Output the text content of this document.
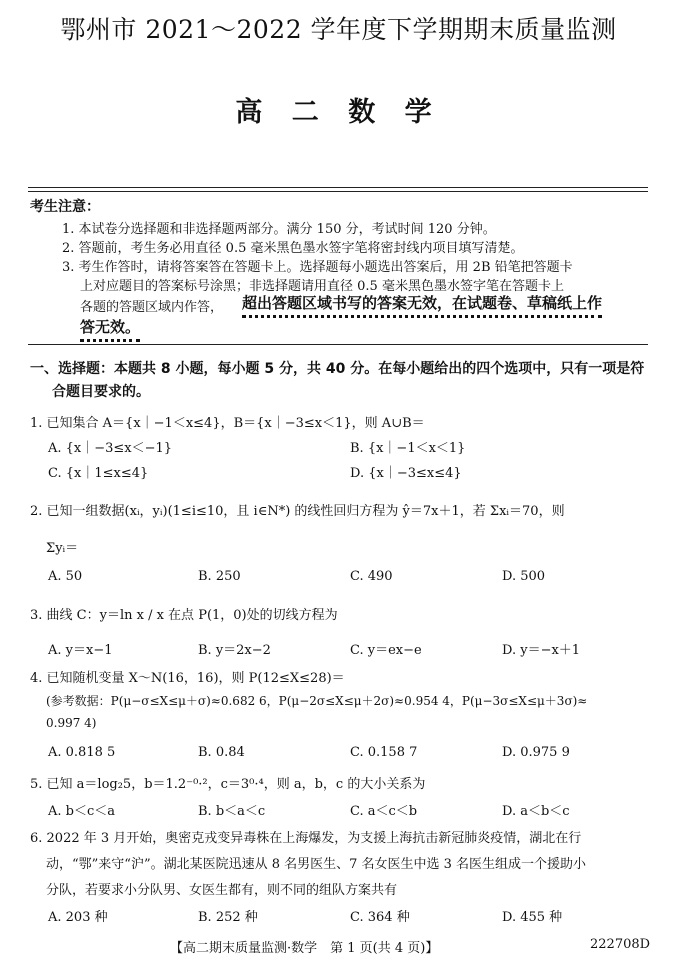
鄂州市 2021～2022 学年度下学期期末质量监测
高 二 数 学
考生注意：
1. 本试卷分选择题和非选择题两部分。满分 150 分，考试时间 120 分钟。
2. 答题前，考生务必用直径 0.5 毫米黑色墨水签字笔将密封线内项目填写清楚。
3. 考生作答时，请将答案答在答题卡上。选择题每小题选出答案后，用 2B 铅笔把答题卡
上对应题目的答案标号涂黑；非选择题请用直径 0.5 毫米黑色墨水签字笔在答题卡上
各题的答题区域内作答， 超出答题区域书写的答案无效，在试题卷、草稿纸上作
答无效。
一、选择题：本题共 8 小题，每小题 5 分，共 40 分。在每小题给出的四个选项中，只有一项是符
合题目要求的。
1. 已知集合 A＝{x｜−1＜x≤4}，B＝{x｜−3≤x＜1}，则 A∪B＝
A. {x｜−3≤x＜−1}	B. {x｜−1＜x＜1}
C. {x｜1≤x≤4}	D. {x｜−3≤x≤4}
2. 已知一组数据(xᵢ，yᵢ)(1≤i≤10，且 i∈N*) 的线性回归方程为 ŷ＝7x＋1，若 Σxᵢ＝70，则
Σyᵢ＝
A. 50	B. 250	C. 490	D. 500
3. 曲线 C：y＝ln x / x 在点 P(1，0)处的切线方程为
A. y＝x−1	B. y＝2x−2	C. y＝ex−e	D. y＝−x＋1
4. 已知随机变量 X～N(16，16)，则 P(12≤X≤28)＝
(参考数据：P(μ−σ≤X≤μ＋σ)≈0.682 6，P(μ−2σ≤X≤μ＋2σ)≈0.954 4，P(μ−3σ≤X≤μ＋3σ)≈
0.997 4)
A. 0.818 5	B. 0.84	C. 0.158 7	D. 0.975 9
5. 已知 a＝log₂5，b＝1.2⁻⁰·²，c＝3⁰·⁴，则 a，b，c 的大小关系为
A. b＜c＜a	B. b＜a＜c	C. a＜c＜b	D. a＜b＜c
6. 2022 年 3 月开始，奥密克戎变异毒株在上海爆发，为支援上海抗击新冠肺炎疫情，湖北在行
动，“鄂”来守“沪”。湖北某医院迅速从 8 名男医生、7 名女医生中选 3 名医生组成一个援助小
分队，若要求小分队男、女医生都有，则不同的组队方案共有
A. 203 种	B. 252 种	C. 364 种	D. 455 种
【高二期末质量监测·数学　第 1 页(共 4 页)】	222708D
